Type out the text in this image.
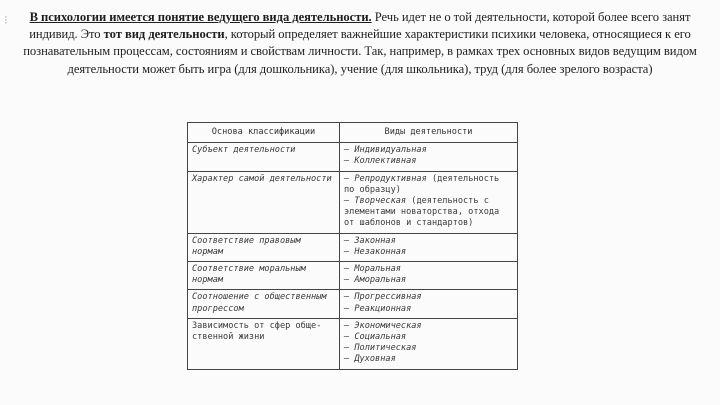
⁝	В психологии имеется понятие ведущего вида деятельности. Речь идет не о той деятельности, которой более всего занят индивид. Это тот вид деятельности, который определяет важнейшие характеристики психики человека, относящиеся к его познавательным процессам, состояниям и свойствам личности. Так, например, в рамках трех основных видов ведущим видом деятельности может быть игра (для дошкольника), учение (для школьника), труд (для более зрелого возраста)
Основа классификации	Виды деятельности
Субъект деятельности	— Индивидуальная
— Коллективная

Характер самой деятельности	— Репродуктивная (деятельность по образцу)
— Творческая (деятельность с элементами новаторства, отхода от шаблонов и стандартов)

Соответствие правовым нормам	— Законная
— Незаконная

Соответствие моральным нормам	— Моральная
— Аморальная

Соотношение с общественным прогрессом	— Прогрессивная
— Реакционная

Зависимость от сфер общественной жизни	— Экономическая
— Социальная
— Политическая
— Духовная
